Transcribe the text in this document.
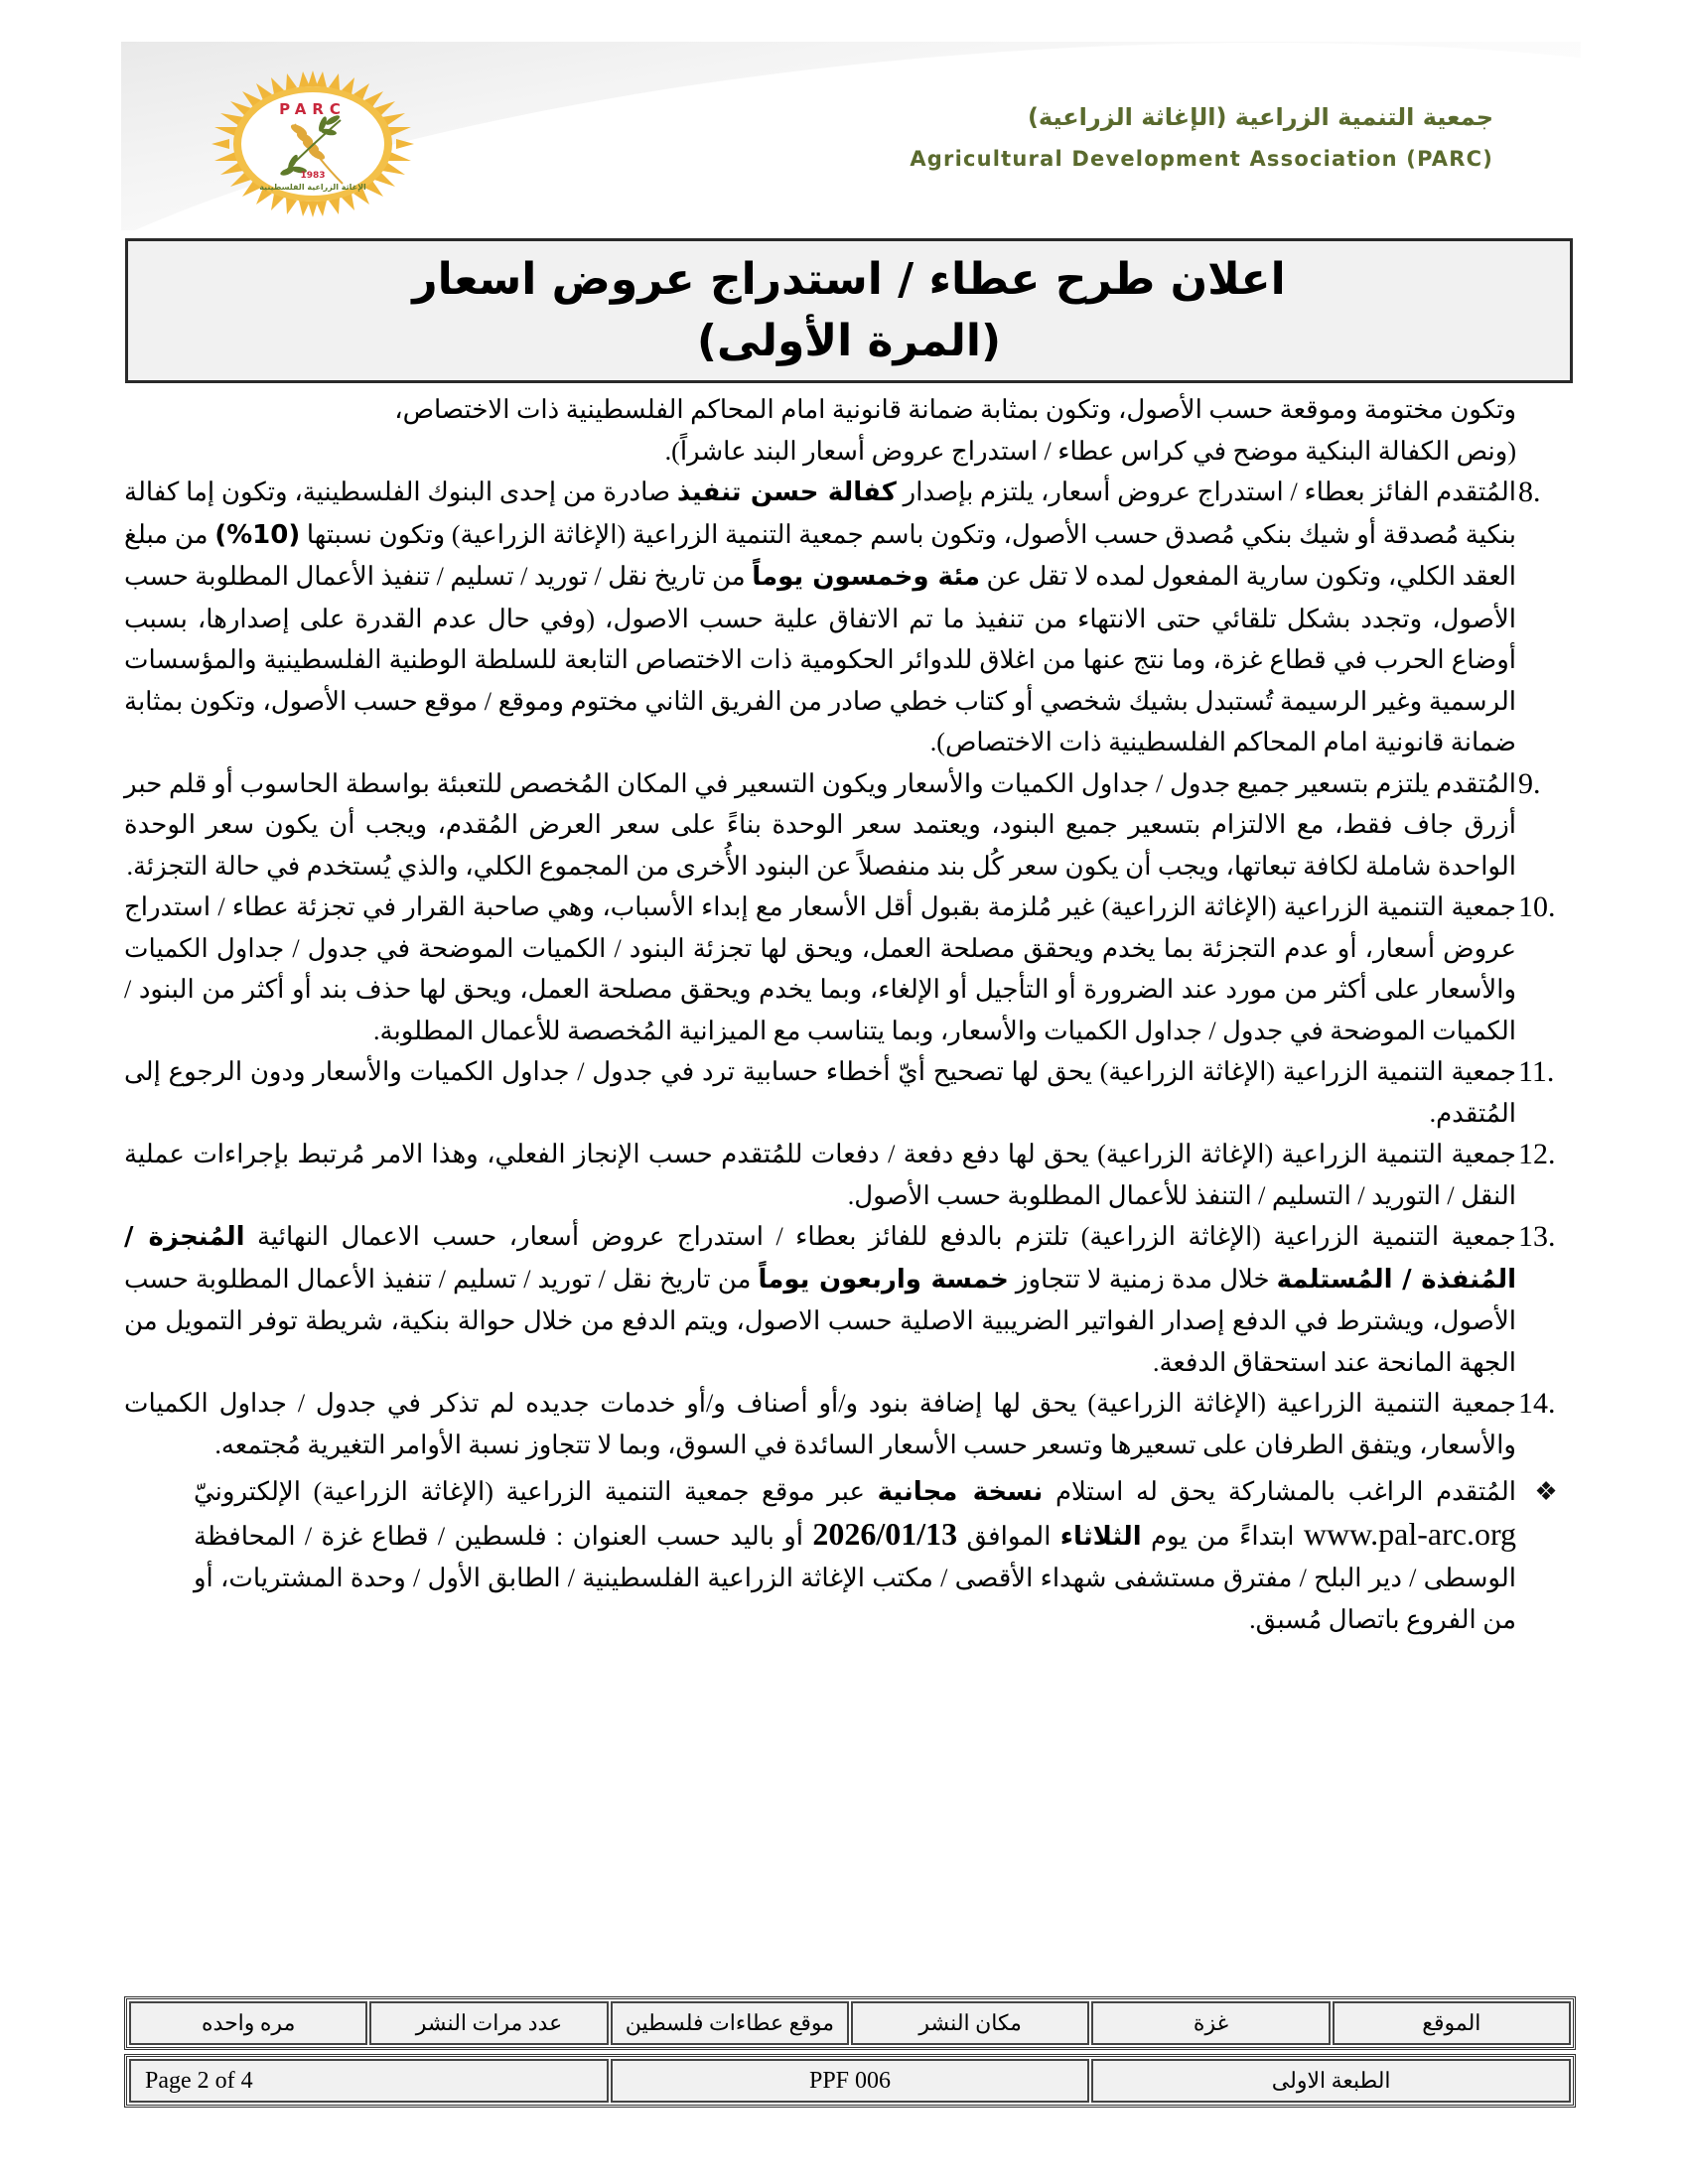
PARC
1983
الإغاثة الزراعية الفلسطينية
جمعية التنمية الزراعية (الإغاثة الزراعية)
Agricultural Development Association (PARC)
اعلان طرح عطاء / استدراج عروض اسعار
(المرة الأولى)
وتكون مختومة وموقعة حسب الأصول، وتكون بمثابة ضمانة قانونية امام المحاكم الفلسطينية ذات الاختصاص،
(ونص الكفالة البنكية موضح في كراس عطاء / استدراج عروض أسعار البند عاشراً).
8.
المُتقدم الفائز بعطاء / استدراج عروض أسعار، يلتزم بإصدار كفالة حسن تنفيذ صادرة من إحدى البنوك الفلسطينية، وتكون إما كفالة بنكية مُصدقة أو شيك بنكي مُصدق حسب الأصول، وتكون باسم جمعية التنمية الزراعية (الإغاثة الزراعية) وتكون نسبتها (10%) من مبلغ العقد الكلي، وتكون سارية المفعول لمده لا تقل عن مئة وخمسون يوماً من تاريخ نقل / توريد / تسليم / تنفيذ الأعمال المطلوبة حسب الأصول، وتجدد بشكل تلقائي حتى الانتهاء من تنفيذ ما تم الاتفاق علية حسب الاصول، (وفي حال عدم القدرة على إصدارها، بسبب أوضاع الحرب في قطاع غزة، وما نتج عنها من اغلاق للدوائر الحكومية ذات الاختصاص التابعة للسلطة الوطنية الفلسطينية والمؤسسات الرسمية وغير الرسيمة تُستبدل بشيك شخصي أو كتاب خطي صادر من الفريق الثاني مختوم وموقع / موقع حسب الأصول، وتكون بمثابة ضمانة قانونية امام المحاكم الفلسطينية ذات الاختصاص).
9.
المُتقدم يلتزم بتسعير جميع جدول / جداول الكميات والأسعار ويكون التسعير في المكان المُخصص للتعبئة بواسطة الحاسوب أو قلم حبر أزرق جاف فقط، مع الالتزام بتسعير جميع البنود، ويعتمد سعر الوحدة بناءً على سعر العرض المُقدم، ويجب أن يكون سعر الوحدة الواحدة شاملة لكافة تبعاتها، ويجب أن يكون سعر كُل بند منفصلاً عن البنود الأُخرى من المجموع الكلي، والذي يُستخدم في حالة التجزئة.
10.
جمعية التنمية الزراعية (الإغاثة الزراعية) غير مُلزمة بقبول أقل الأسعار مع إبداء الأسباب، وهي صاحبة القرار في تجزئة عطاء / استدراج عروض أسعار، أو عدم التجزئة بما يخدم ويحقق مصلحة العمل، ويحق لها تجزئة البنود / الكميات الموضحة في جدول / جداول الكميات والأسعار على أكثر من مورد عند الضرورة أو التأجيل أو الإلغاء، وبما يخدم ويحقق مصلحة العمل، ويحق لها حذف بند أو أكثر من البنود / الكميات الموضحة في جدول / جداول الكميات والأسعار، وبما يتناسب مع الميزانية المُخصصة للأعمال المطلوبة.
11.
جمعية التنمية الزراعية (الإغاثة الزراعية) يحق لها تصحيح أيّ أخطاء حسابية ترد في جدول / جداول الكميات والأسعار ودون الرجوع إلى المُتقدم.
12.
جمعية التنمية الزراعية (الإغاثة الزراعية) يحق لها دفع دفعة / دفعات للمُتقدم حسب الإنجاز الفعلي، وهذا الامر مُرتبط بإجراءات عملية النقل / التوريد / التسليم / التنفذ للأعمال المطلوبة حسب الأصول.
13.
جمعية التنمية الزراعية (الإغاثة الزراعية) تلتزم بالدفع للفائز بعطاء / استدراج عروض أسعار، حسب الاعمال النهائية المُنجزة / المُنفذة / المُستلمة خلال مدة زمنية لا تتجاوز خمسة واربعون يوماً من تاريخ نقل / توريد / تسليم / تنفيذ الأعمال المطلوبة حسب الأصول، ويشترط في الدفع إصدار الفواتير الضريبية الاصلية حسب الاصول، ويتم الدفع من خلال حوالة بنكية، شريطة توفر التمويل من الجهة المانحة عند استحقاق الدفعة.
14.
جمعية التنمية الزراعية (الإغاثة الزراعية) يحق لها إضافة بنود و/أو أصناف و/أو خدمات جديده لم تذكر في جدول / جداول الكميات والأسعار، ويتفق الطرفان على تسعيرها وتسعر حسب الأسعار السائدة في السوق، وبما لا تتجاوز نسبة الأوامر التغيرية مُجتمعه.
❖
المُتقدم الراغب بالمشاركة يحق له استلام نسخة مجانية عبر موقع جمعية التنمية الزراعية (الإغاثة الزراعية) الإلكترونيّ www.pal-arc.org ابتداءً من يوم الثلاثاء الموافق 2026/01/13 أو باليد حسب العنوان : فلسطين / قطاع غزة / المحافظة الوسطى / دير البلح / مفترق مستشفى شهداء الأقصى / مكتب الإغاثة الزراعية الفلسطينية / الطابق الأول / وحدة المشتريات، أو من الفروع باتصال مُسبق.
الموقع	غزة	مكان النشر	موقع عطاءات فلسطين	عدد مرات النشر	مره واحده
الطبعة الاولى	PPF 006	Page 2 of 4
